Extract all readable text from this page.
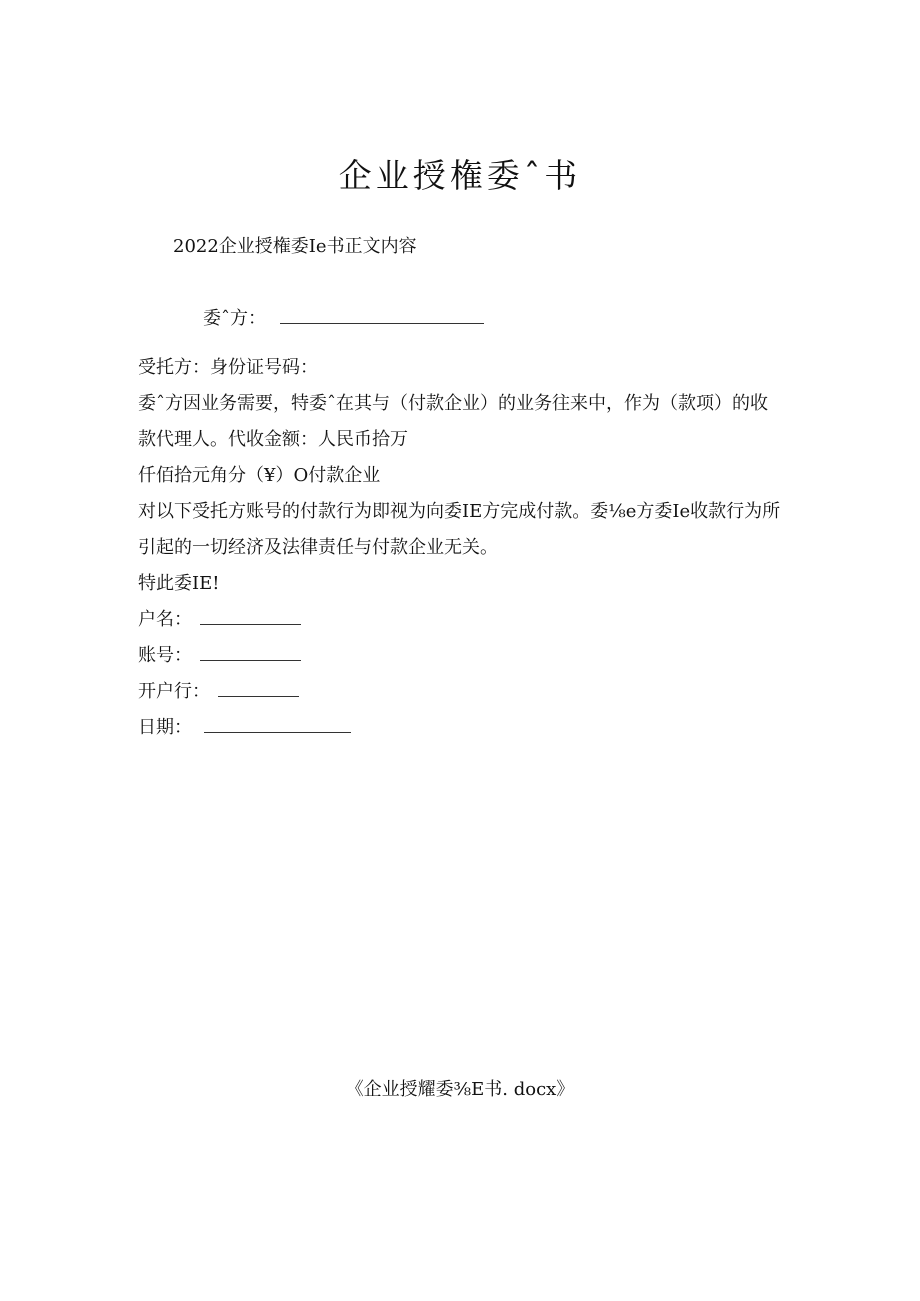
企业授権委ˆ书
2022企业授権委Ie书正文内容
委ˆ方：
受托方：身份证号码：
委ˆ方因业务需要，特委ˆ在其与（付款企业）的业务往来中，作为（款项）的收
款代理人。代收金额：人民币拾万
仟佰拾元角分（¥）O付款企业
对以下受托方账号的付款行为即视为向委IE方完成付款。委⅛e方委Ie收款行为所
引起的一切经济及法律责任与付款企业无关。
特此委IE!
户名：
账号：
开户行：
日期：
《企业授耀委⅜E书. docx》
